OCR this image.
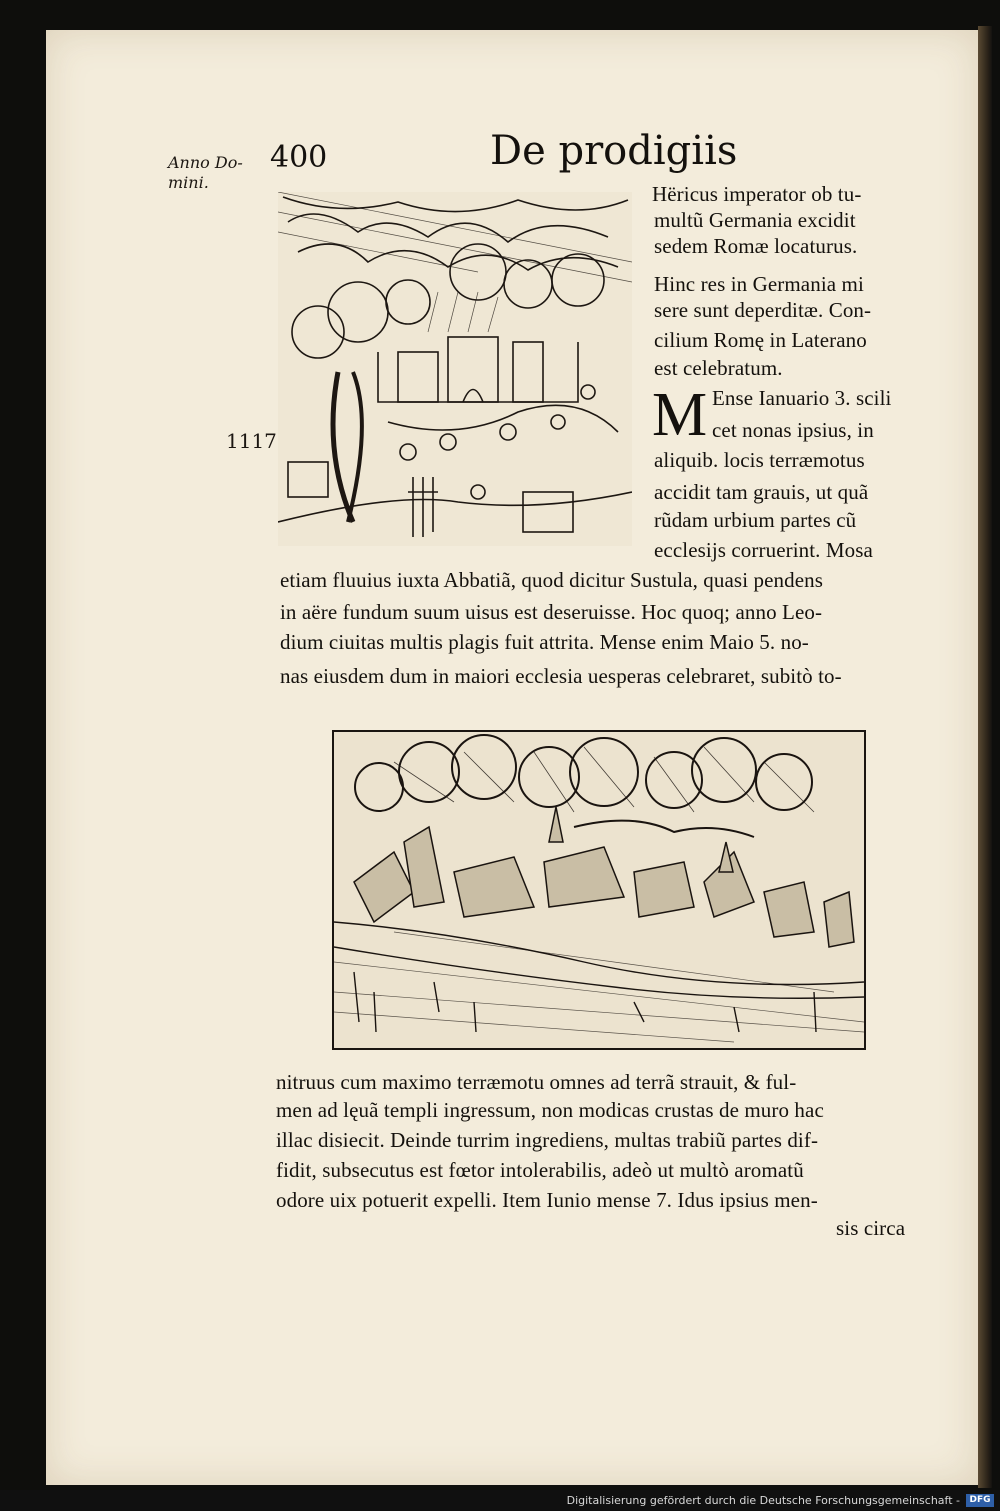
Anno Do-
mini.
1117
400	De prodigiis
Hëricus imperator ob tu-
multũ Germania excidit
sedem Romæ locaturus.
Hinc res in Germania mi
sere sunt deperditæ. Con-
cilium Romę in Laterano
est celebratum.
M Ense Ianuario 3. scili
cet nonas ipsius, in
aliquib. locis terræmotus
accidit tam grauis, ut quã
rũdam urbium partes cũ
ecclesijs corruerint. Mosa
etiam fluuius iuxta Abbatiã, quod dicitur Sustula, quasi pendens
in aëre fundum suum uisus est deseruisse. Hoc quoq; anno Leo-
dium ciuitas multis plagis fuit attrita. Mense enim Maio 5. no-
nas eiusdem dum in maiori ecclesia uesperas celebraret, subitò to-
nitruus cum maximo terræmotu omnes ad terrã strauit, & ful-
men ad lęuã templi ingressum, non modicas crustas de muro hac
illac disiecit. Deinde turrim ingrediens, multas trabiũ partes dif-
fidit, subsecutus est fœtor intolerabilis, adeò ut multò aromatũ
odore uix potuerit expelli. Item Iunio mense 7. Idus ipsius men-
sis circa
Digitalisierung gefördert durch die Deutsche Forschungsgemeinschaft -	DFG
